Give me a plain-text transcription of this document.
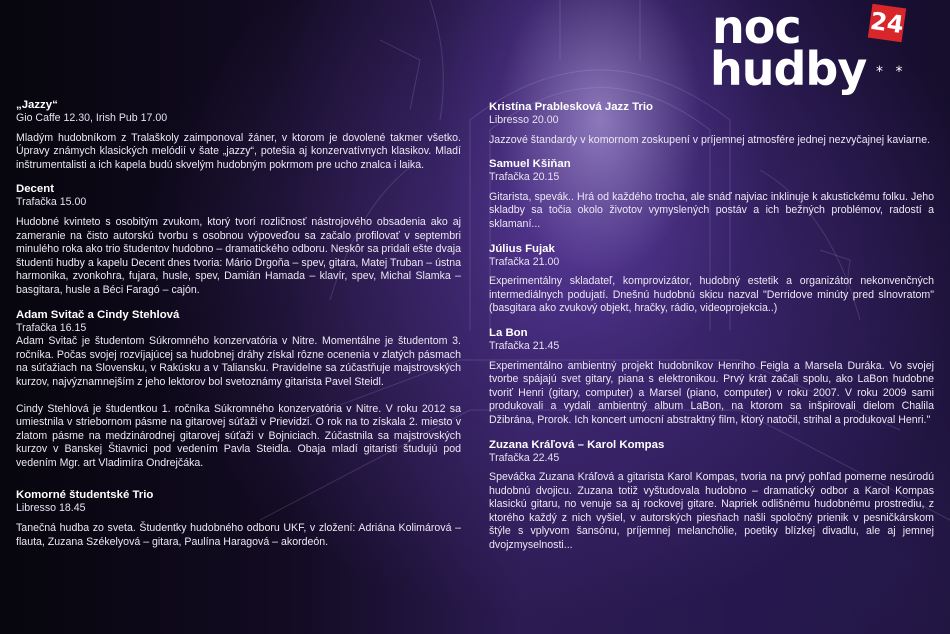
noc
hudby
24
* *
„Jazzy“
Gio Caffe 12.30, Irish Pub 17.00

Mladým hudobníkom z Tralaškoly zaimponoval žáner, v ktorom je dovolené takmer všetko. Úpravy známych klasických melódií v šate „jazzy“, potešia aj konzervatívnych klasikov. Mladí inštrumentalisti a ich kapela budú skvelým hudobným pokrmom pre ucho znalca i laika.

Decent
Trafačka 15.00

Hudobné kvinteto s osobitým zvukom, ktorý tvorí rozličnosť nástrojového obsadenia ako aj zameranie na čisto autorskú tvorbu s osobnou výpoveďou sa začalo profilovať v septembri minulého roka ako trio študentov hudobno – dramatického odboru. Neskôr sa pridali ešte dvaja študenti hudby a kapelu Decent dnes tvoria: Mário Drgoňa – spev, gitara, Matej Truban – ústna harmonika, zvonkohra, fujara, husle, spev, Damián Hamada – klavír, spev, Michal Slamka – basgitara, husle a Béci Faragó – cajón.

Adam Svitač a Cindy Stehlová
Trafačka 16.15

Adam Svitač je študentom Súkromného konzervatória v Nitre. Momentálne je študentom 3. ročníka. Počas svojej rozvíjajúcej sa hudobnej dráhy získal rôzne ocenenia v zlatých pásmach na súťažiach na Slovensku, v Rakúsku a v Taliansku. Pravidelne sa zúčastňuje majstrovských kurzov, najvýznamnejším z jeho lektorov bol svetoznámy gitarista Pavel Steidl.

Cindy Stehlová je študentkou 1. ročníka Súkromného konzervatória v Nitre. V roku 2012 sa umiestnila v striebornom pásme na gitarovej súťaži v Prievidzi. O rok na to získala 2. miesto v zlatom pásme na medzinárodnej gitarovej súťaži v Bojniciach. Zúčastnila sa majstrovských kurzov v Banskej Štiavnici pod vedením Pavla Steidla. Obaja mladí gitaristi študujú pod vedením Mgr. art Vladimíra Ondrejčáka.

Komorné študentské Trio
Libresso 18.45

Tanečná hudba zo sveta. Študentky hudobného odboru UKF, v zložení: Adriána Kolimárová – flauta, Zuzana Székelyová – gitara, Paulína Haragová – akordeón.

Kristína Prablesková Jazz Trio
Libresso 20.00

Jazzové štandardy v komornom zoskupení v príjemnej atmosfére jednej nezvyčajnej kaviarne.

Samuel Kšiňan
Trafačka 20.15

Gitarista, spevák.. Hrá od každého trocha, ale snáď najviac inklinuje k akustickému folku. Jeho skladby sa točia okolo životov vymyslených postáv a ich bežných problémov, radostí a sklamaní...

Július Fujak
Trafačka 21.00

Experimentálny skladateľ, komprovizátor, hudobný estetik a organizátor nekonvenčných intermediálnych podujatí. Dnešnú hudobnú skicu nazval "Derridove minúty pred slnovratom" (basgitara ako zvukový objekt, hračky, rádio, videoprojekcia..)

La Bon
Trafačka 21.45

Experimentálno ambientný projekt hudobníkov Henriho Feigla a Marsela Duráka. Vo svojej tvorbe spájajú svet gitary, piana s elektronikou. Prvý krát začali spolu, ako LaBon hudobne tvoriť Henri (gitary, computer) a Marsel (piano, computer) v roku 2007. V roku 2009 sami produkovali a vydali ambientný album LaBon, na ktorom sa inšpirovali dielom Chalila Džibrána, Prorok. Ich koncert umocní abstraktný film, ktorý natočil, strihal a produkoval Henri."

Zuzana Kráľová – Karol Kompas
Trafačka 22.45

Speváčka Zuzana Kráľová a gitarista Karol Kompas, tvoria na prvý pohľad pomerne nesúrodú hudobnú dvojicu. Zuzana totiž vyštudovala hudobno – dramatický odbor a Karol Kompas klasickú gitaru, no venuje sa aj rockovej gitare. Napriek odlišnému hudobnému prostrediu, z ktorého každý z nich vyšiel, v autorských piesňach našli spoločný prienik v pesničkárskom štýle s vplyvom šansónu, príjemnej melanchólie, poetiky blízkej divadlu, ale aj jemnej dvojzmyselnosti...
